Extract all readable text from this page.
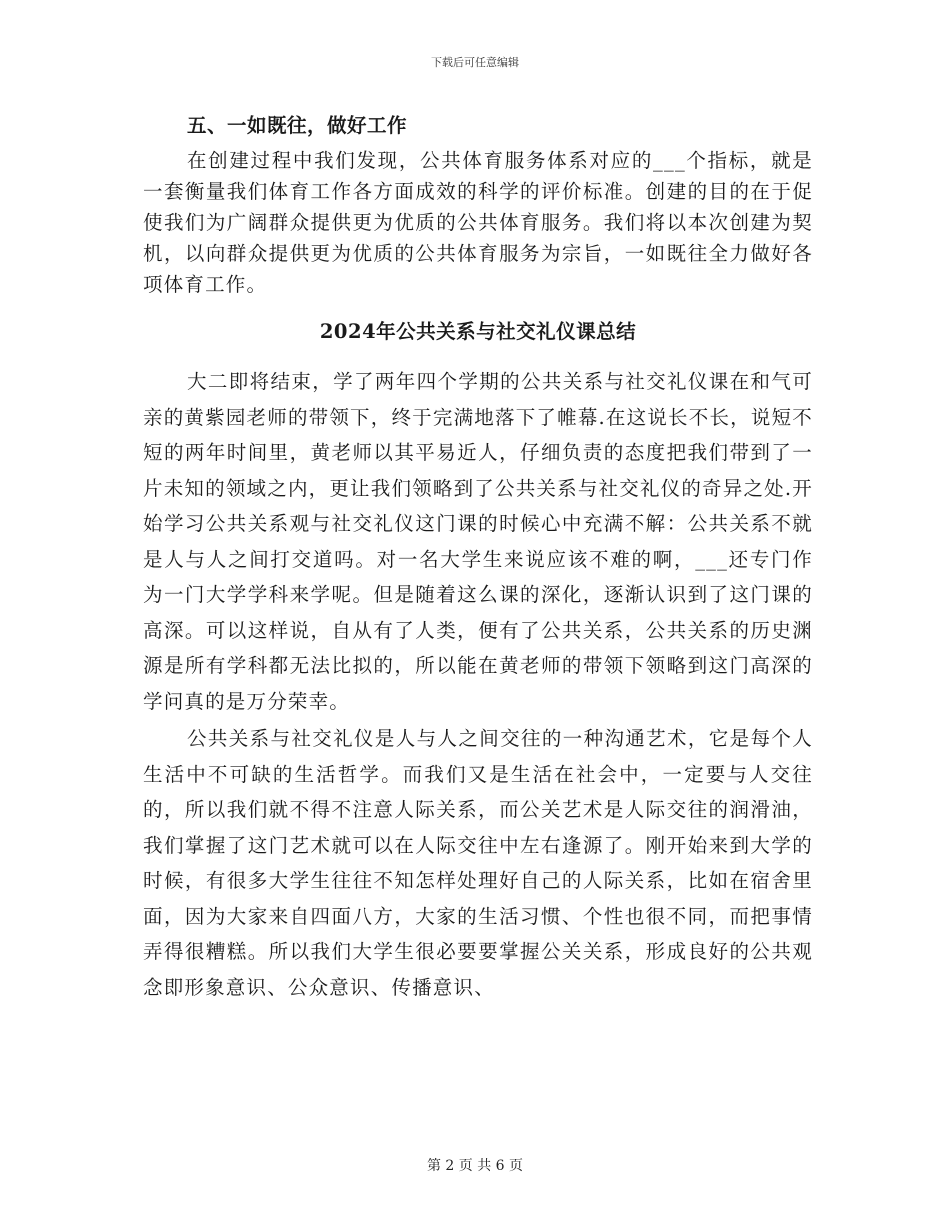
下载后可任意编辑

五、一如既往，做好工作

在创建过程中我们发现，公共体育服务体系对应的___个指标，就是一套衡量我们体育工作各方面成效的科学的评价标准。创建的目的在于促使我们为广阔群众提供更为优质的公共体育服务。我们将以本次创建为契机，以向群众提供更为优质的公共体育服务为宗旨，一如既往全力做好各项体育工作。

2024年公共关系与社交礼仪课总结

大二即将结束，学了两年四个学期的公共关系与社交礼仪课在和气可亲的黄紫园老师的带领下，终于完满地落下了帷幕.在这说长不长，说短不短的两年时间里，黄老师以其平易近人，仔细负责的态度把我们带到了一片未知的领域之内，更让我们领略到了公共关系与社交礼仪的奇异之处.开始学习公共关系观与社交礼仪这门课的时候心中充满不解：公共关系不就是人与人之间打交道吗。对一名大学生来说应该不难的啊，___还专门作为一门大学学科来学呢。但是随着这么课的深化，逐渐认识到了这门课的高深。可以这样说，自从有了人类，便有了公共关系，公共关系的历史渊源是所有学科都无法比拟的，所以能在黄老师的带领下领略到这门高深的学问真的是万分荣幸。

公共关系与社交礼仪是人与人之间交往的一种沟通艺术，它是每个人生活中不可缺的生活哲学。而我们又是生活在社会中，一定要与人交往的，所以我们就不得不注意人际关系，而公关艺术是人际交往的润滑油，我们掌握了这门艺术就可以在人际交往中左右逢源了。刚开始来到大学的时候，有很多大学生往往不知怎样处理好自己的人际关系，比如在宿舍里面，因为大家来自四面八方，大家的生活习惯、个性也很不同，而把事情弄得很糟糕。所以我们大学生很必要要掌握公关关系，形成良好的公共观念即形象意识、公众意识、传播意识、

第 2 页 共 6 页
